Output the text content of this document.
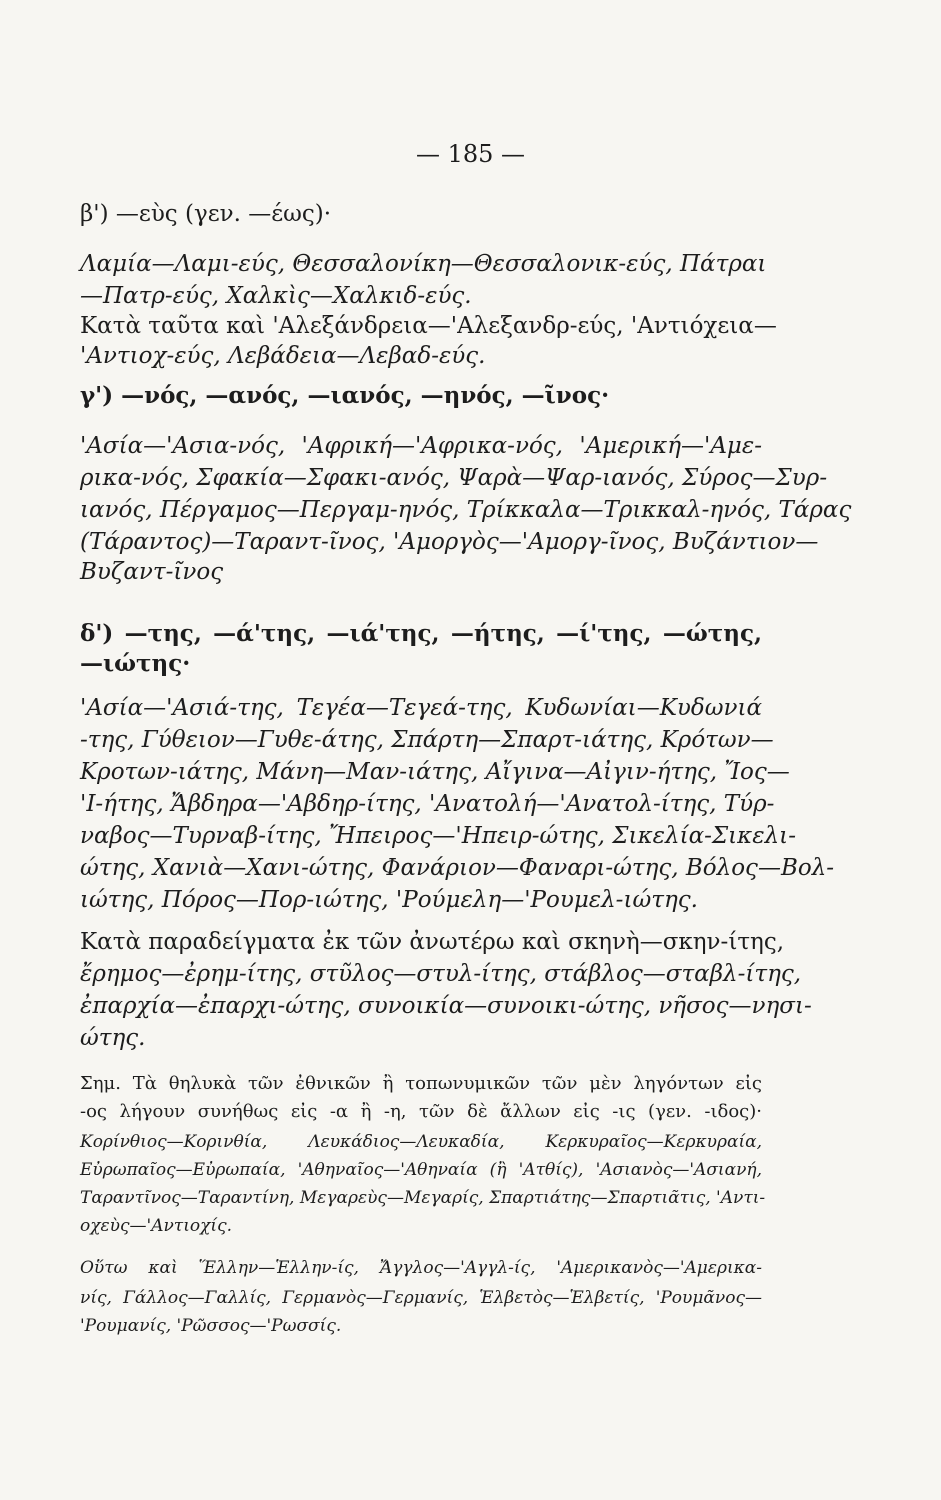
— 185 —
β') —εὺς (γεν. —έως)·
Λαμία—Λαμι-εύς, Θεσσαλονίκη—Θεσσαλονικ-εύς, Πάτραι
—Πατρ-εύς, Χαλκὶς—Χαλκιδ-εύς.
Κατὰ ταῦτα καὶ 'Αλεξάνδρεια—'Αλεξανδρ-εύς, 'Αντιόχεια—
'Αντιοχ-εύς, Λεβάδεια—Λεβαδ-εύς.
γ') —νός, —ανός, —ιανός, —ηνός, —ῖνος·
'Ασία—'Ασια-νός, 'Αφρική—'Αφρικα-νός, 'Αμερική—'Αμε-
ρικα-νός, Σφακία—Σφακι-ανός, Ψαρὰ—Ψαρ-ιανός, Σύρος—Συρ-
ιανός, Πέργαμος—Περγαμ-ηνός, Τρίκκαλα—Τρικκαλ-ηνός, Τάρας
(Τάραντος)—Ταραντ-ῖνος, 'Αμοργὸς—'Αμοργ-ῖνος, Βυζάντιον—
Βυζαντ-ῖνος
δ') —της, —ά'της, —ιά'της, —ήτης, —ί'της, —ώτης,
—ιώτης·
'Ασία—'Ασιά-της, Τεγέα—Τεγεά-της, Κυδωνίαι—Κυδωνιά
-της, Γύθειον—Γυθε-άτης, Σπάρτη—Σπαρτ-ιάτης, Κρότων—
Κροτων-ιάτης, Μάνη—Μαν-ιάτης, Αἴγινα—Αἰγιν-ήτης, Ἴος—
'Ι-ήτης, Ἄβδηρα—'Αβδηρ-ίτης, 'Ανατολή—'Ανατολ-ίτης, Τύρ-
ναβος—Τυρναβ-ίτης, Ἤπειρος—'Ηπειρ-ώτης, Σικελία-Σικελι-
ώτης, Χανιὰ—Χανι-ώτης, Φανάριον—Φαναρι-ώτης, Βόλος—Βολ-
ιώτης, Πόρος—Πορ-ιώτης, 'Ρούμελη—'Ρουμελ-ιώτης.
Κατὰ παραδείγματα ἐκ τῶν ἀνωτέρω καὶ σκηνὴ—σκην-ίτης,
ἔρημος—ἐρημ-ίτης, στῦλος—στυλ-ίτης, στάβλος—σταβλ-ίτης,
ἐπαρχία—ἐπαρχι-ώτης, συνοικία—συνοικι-ώτης, νῆσος—νησι-
ώτης.
Σημ. Τὰ θηλυκὰ τῶν ἐθνικῶν ἢ τοπωνυμικῶν τῶν μὲν ληγόντων εἰς
-ος λήγουν συνήθως εἰς -α ἢ -η, τῶν δὲ ἄλλων εἰς -ις (γεν. -ιδος)·
Κορίνθιος—Κορινθία, Λευκάδιος—Λευκαδία, Κερκυραῖος—Κερκυραία,
Εὐρωπαῖος—Εὐρωπαία, 'Αθηναῖος—'Αθηναία (ἢ 'Ατθίς), 'Ασιανὸς—'Ασιανή,
Ταραντῖνος—Ταραντίνη, Μεγαρεὺς—Μεγαρίς, Σπαρτιάτης—Σπαρτιᾶτις, 'Αντι-
οχεὺς—'Αντιοχίς.
Οὕτω καὶ Ἕλλην—Ἑλλην-ίς, Ἄγγλος—'Αγγλ-ίς, 'Αμερικανὸς—'Αμερικα-
νίς, Γάλλος—Γαλλίς, Γερμανὸς—Γερμανίς, Ἑλβετὸς—Ἑλβετίς, 'Ρουμᾶνος—
'Ρουμανίς, 'Ρῶσσος—'Ρωσσίς.
